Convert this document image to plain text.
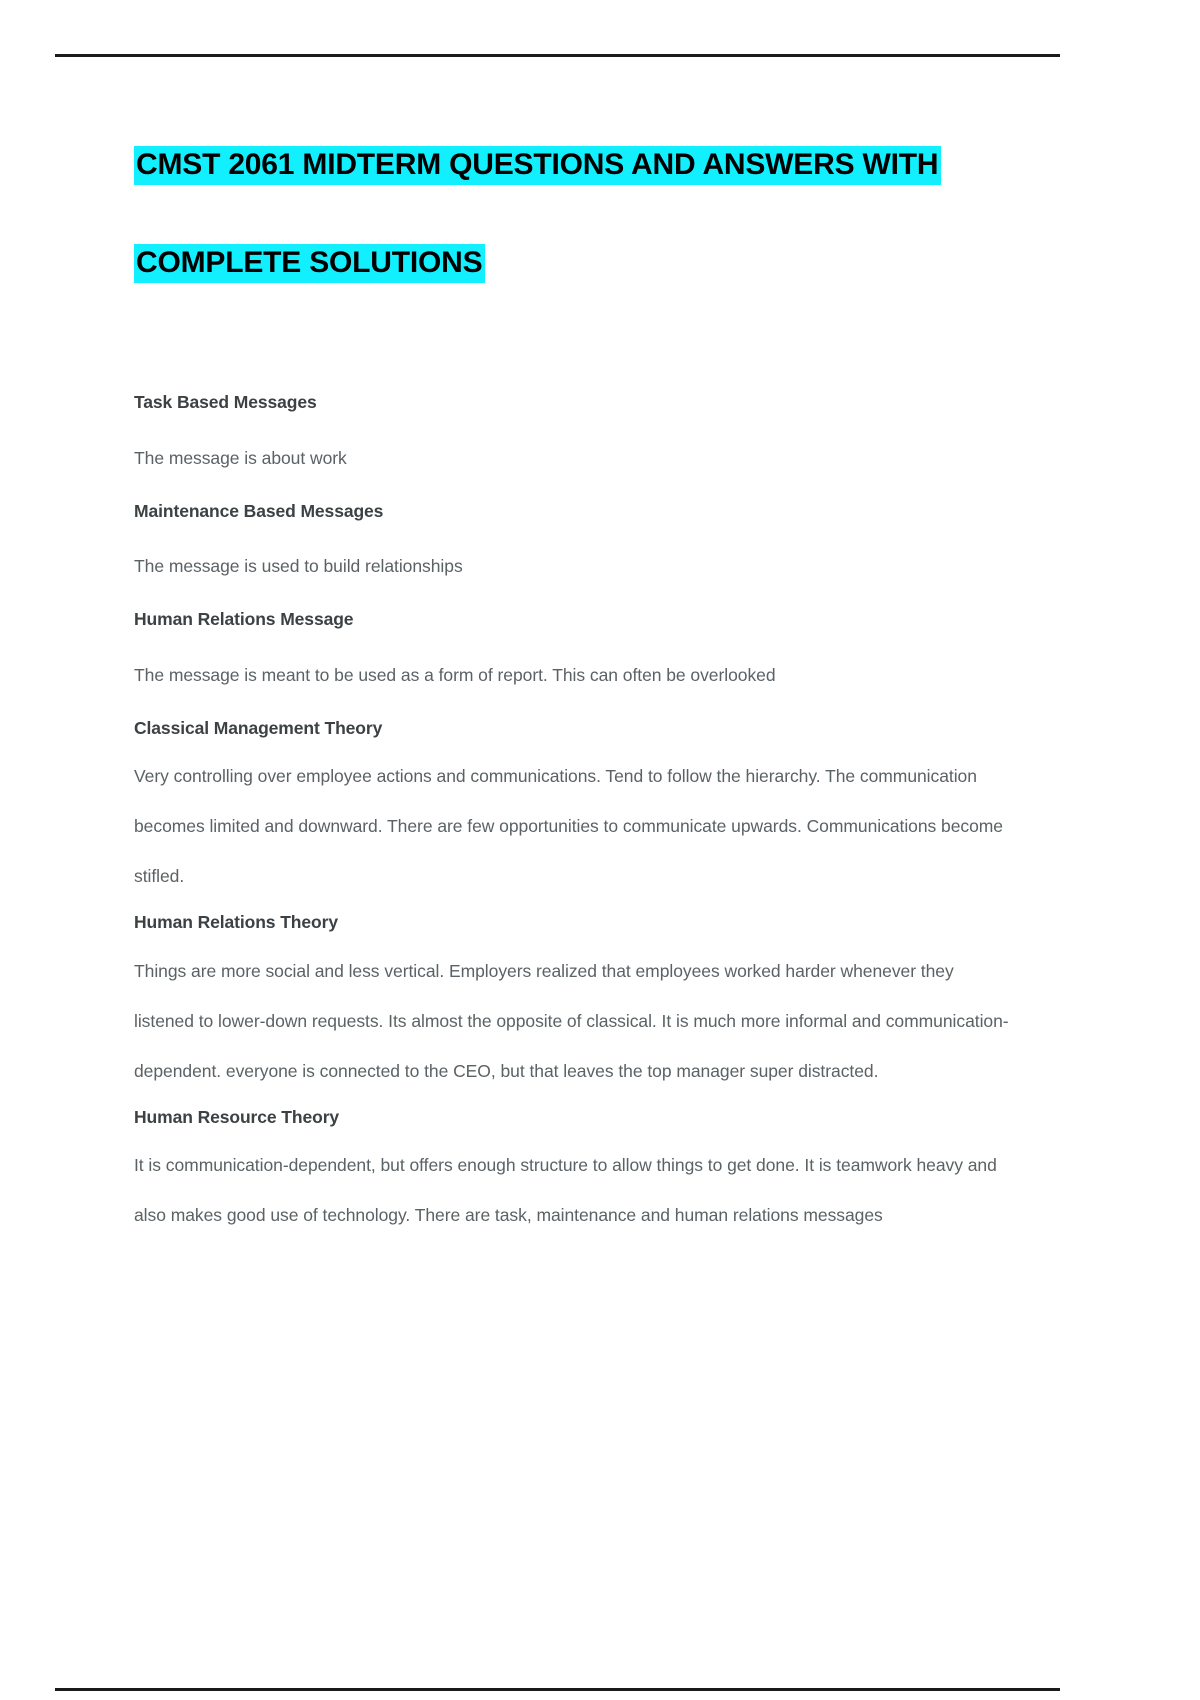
CMST 2061 MIDTERM QUESTIONS AND ANSWERS WITH
COMPLETE SOLUTIONS
Task Based Messages

The message is about work

Maintenance Based Messages

The message is used to build relationships

Human Relations Message

The message is meant to be used as a form of report. This can often be overlooked

Classical Management Theory

Very controlling over employee actions and communications. Tend to follow the hierarchy. The communication becomes limited and downward. There are few opportunities to communicate upwards. Communications become stifled.

Human Relations Theory

Things are more social and less vertical. Employers realized that employees worked harder whenever they listened to lower-down requests. Its almost the opposite of classical. It is much more informal and communication-dependent. everyone is connected to the CEO, but that leaves the top manager super distracted.

Human Resource Theory

It is communication-dependent, but offers enough structure to allow things to get done. It is teamwork heavy and also makes good use of technology. There are task, maintenance and human relations messages
